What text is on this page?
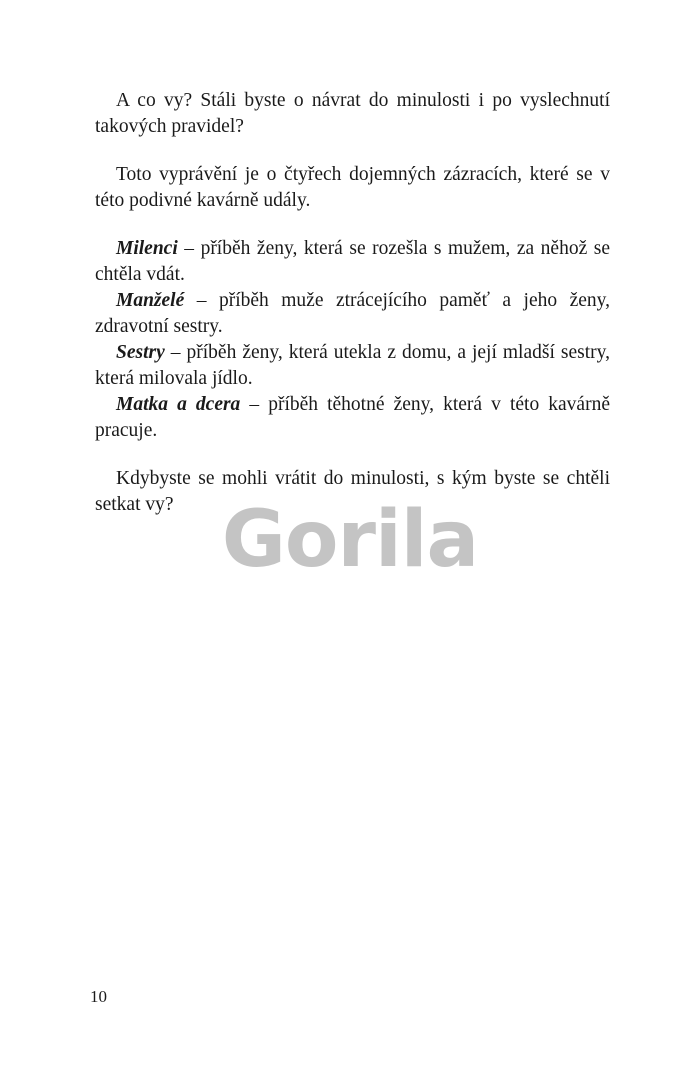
A co vy? Stáli byste o návrat do minulosti i po vyslechnutí takových pravidel?

Toto vyprávění je o čtyřech dojemných zázracích, které se v této podivné kavárně udály.

Milenci – příběh ženy, která se rozešla s mužem, za něhož se chtěla vdát.

Manželé – příběh muže ztrácejícího paměť a jeho ženy, zdravotní sestry.

Sestry – příběh ženy, která utekla z domu, a její mladší sestry, která milovala jídlo.

Matka a dcera – příběh těhotné ženy, která v této kavárně pracuje.

Kdybyste se mohli vrátit do minulosti, s kým byste se chtěli setkat vy? Gorila
10
